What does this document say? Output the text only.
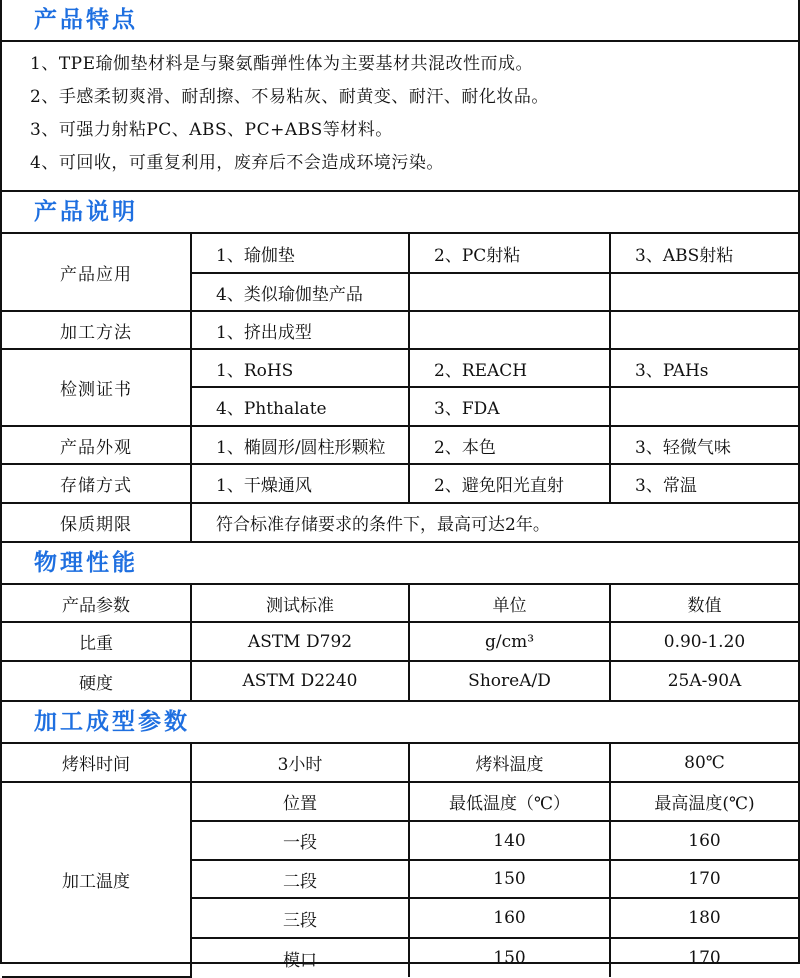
产品特点
1、TPE瑜伽垫材料是与聚氨酯弹性体为主要基材共混改性而成。
2、手感柔韧爽滑、耐刮擦、不易粘灰、耐黄变、耐汗、耐化妆品。
3、可强力射粘PC、ABS、PC+ABS等材料。
4、可回收，可重复利用，废弃后不会造成环境污染。
产品说明
产品应用	1、瑜伽垫	2、PC射粘	3、ABS射粘
	4、类似瑜伽垫产品		
加工方法	1、挤出成型		
检测证书	1、RoHS	2、REACH	3、PAHs
	4、Phthalate	3、FDA	
产品外观	1、椭圆形/圆柱形颗粒	2、本色	3、轻微气味
存储方式	1、干燥通风	2、避免阳光直射	3、常温
保质期限	符合标准存储要求的条件下，最高可达2年。		
物理性能
产品参数	测试标准	单位	数值
比重	ASTM D792	g/cm³	0.90-1.20
硬度	ASTM D2240	ShoreA/D	25A-90A
加工成型参数
烤料时间	3小时	烤料温度	80℃
加工温度	位置	最低温度（℃）	最高温度(℃)
	一段	140	160
	二段	150	170
	三段	160	180
	模口	150	170
